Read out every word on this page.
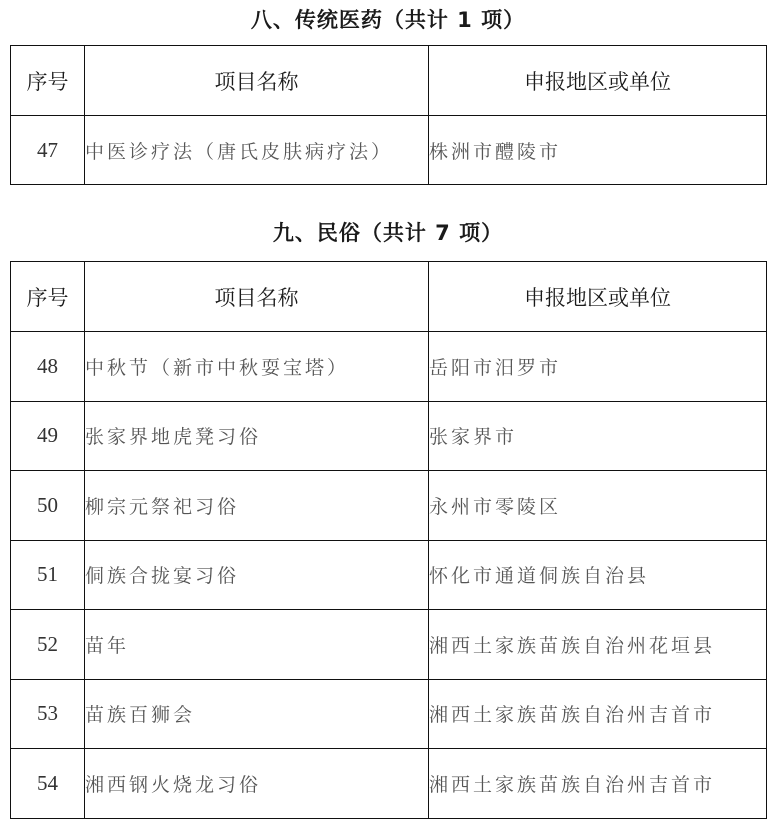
八、传统医药（共计 1 项）
序号	项目名称	申报地区或单位
47	中医诊疗法（唐氏皮肤病疗法）	株洲市醴陵市
九、民俗（共计 7 项）
序号	项目名称	申报地区或单位
48	中秋节（新市中秋耍宝塔）	岳阳市汨罗市
49	张家界地虎凳习俗	张家界市
50	柳宗元祭祀习俗	永州市零陵区
51	侗族合拢宴习俗	怀化市通道侗族自治县
52	苗年	湘西土家族苗族自治州花垣县
53	苗族百狮会	湘西土家族苗族自治州吉首市
54	湘西钢火烧龙习俗	湘西土家族苗族自治州吉首市
